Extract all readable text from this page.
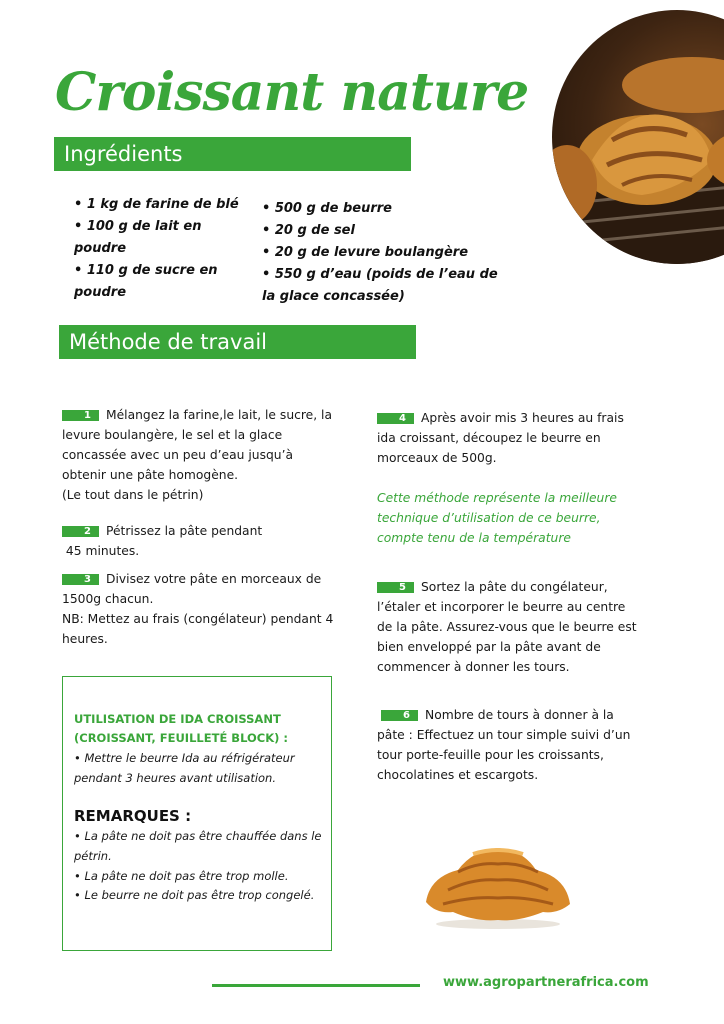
Croissant nature
Ingrédients
• 1 kg de farine de blé
• 100 g de lait en poudre
• 110 g de sucre en poudre
• 500 g de beurre
• 20 g de sel
• 20 g de levure boulangère
• 550 g d’eau (poids de l’eau de la glace concassée)
Méthode de travail

1 Mélangez la farine,le lait, le sucre, la levure boulangère, le sel et la glace concassée avec un peu d’eau jusqu’à obtenir une pâte homogène.
(Le tout dans le pétrin)

2 Pétrissez la pâte pendant
45 minutes.

3 Divisez votre pâte en morceaux de 1500g chacun.
NB: Mettez au frais (congélateur) pendant 4 heures.

4 Après avoir mis 3 heures au frais ida croissant, découpez le beurre en morceaux de 500g.

Cette méthode représente la meilleure technique d’utilisation de ce beurre, compte tenu de la température

5 Sortez la pâte du congélateur, l’étaler et incorporer le beurre au centre de la pâte. Assurez-vous que le beurre est bien enveloppé par la pâte avant de commencer à donner les tours.

6 Nombre de tours à donner à la pâte : Effectuez un tour simple suivi d’un tour porte-feuille pour les croissants, chocolatines et escargots.

UTILISATION DE IDA CROISSANT (CROISSANT, FEUILLETÉ BLOCK) :

• Mettre le beurre Ida au réfrigérateur pendant 3 heures avant utilisation.

REMARQUES :

• La pâte ne doit pas être chauffée dans le pétrin.

• La pâte ne doit pas être trop molle.

• Le beurre ne doit pas être trop congelé.

www.agropartnerafrica.com
